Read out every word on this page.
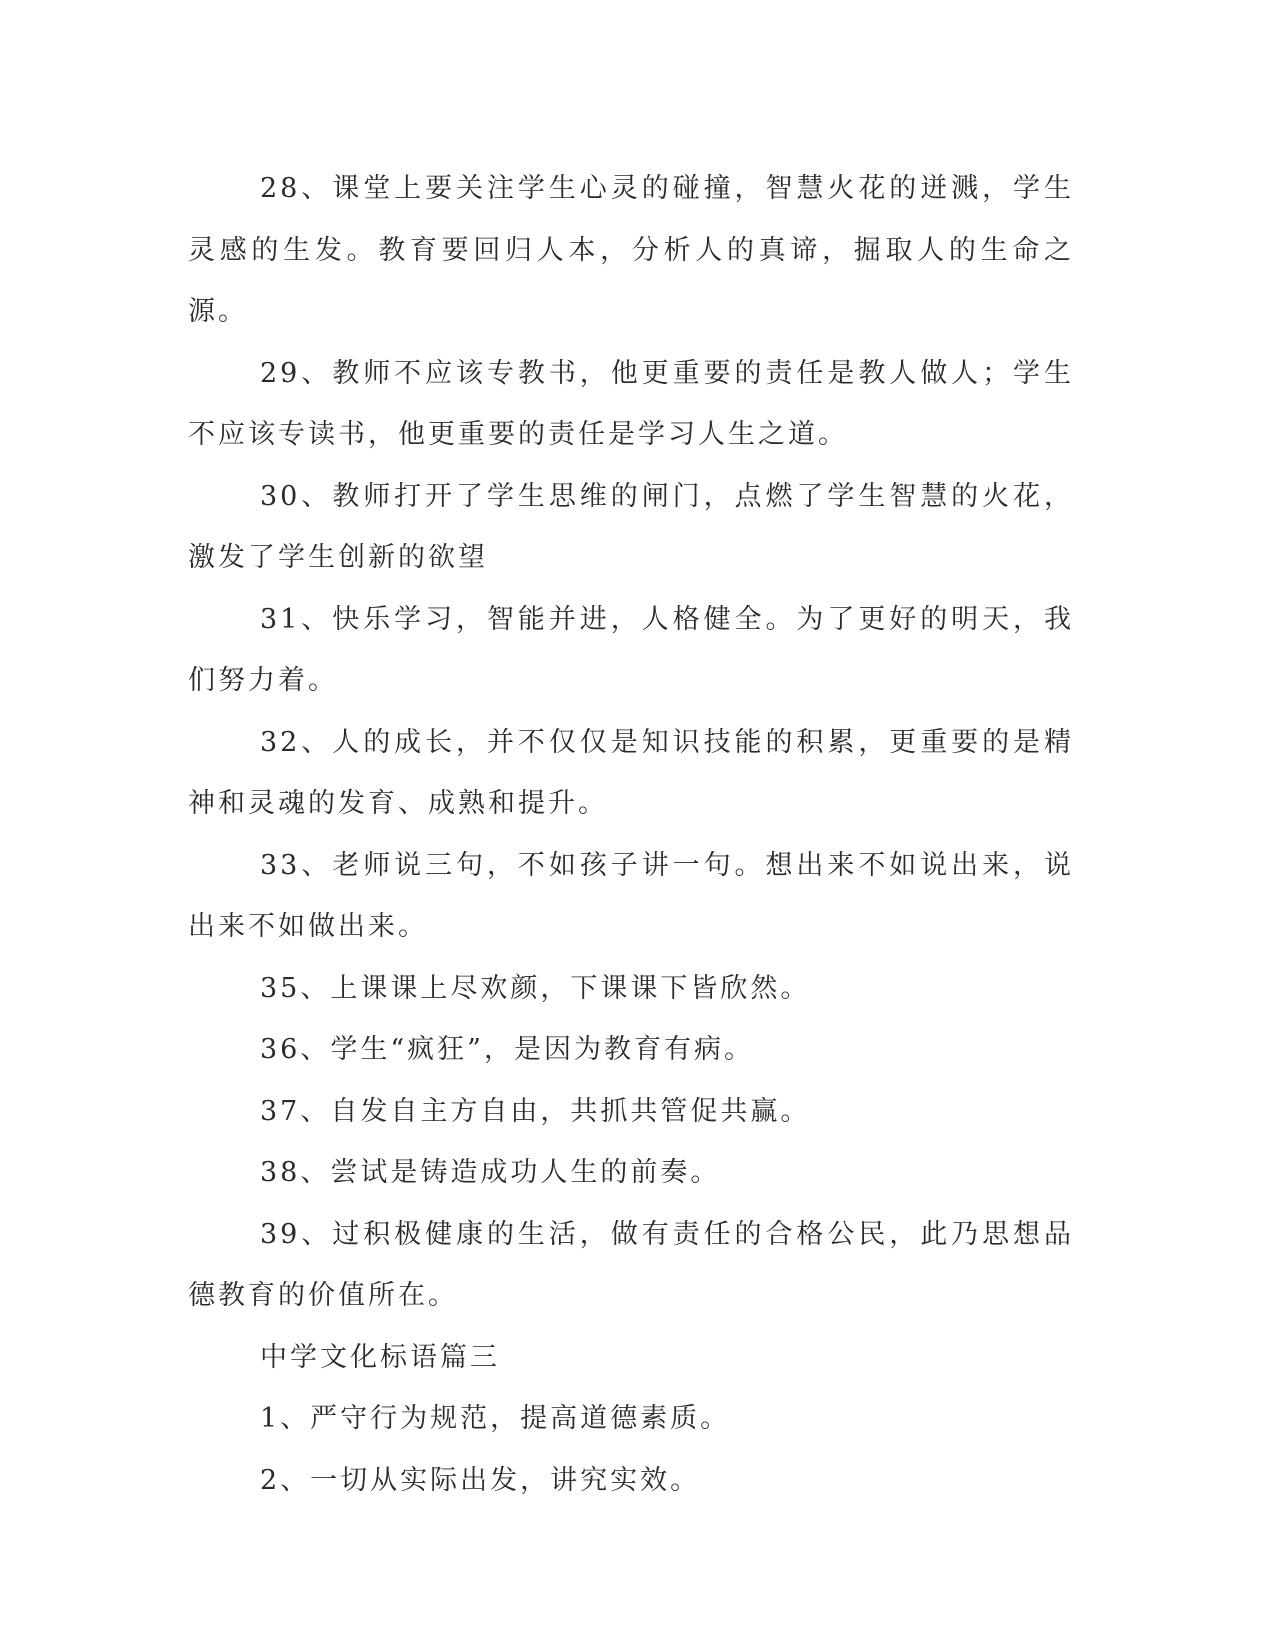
28、课堂上要关注学生心灵的碰撞，智慧火花的迸溅，学生灵感的生发。教育要回归人本，分析人的真谛，掘取人的生命之源。

29、教师不应该专教书，他更重要的责任是教人做人；学生不应该专读书，他更重要的责任是学习人生之道。

30、教师打开了学生思维的闸门，点燃了学生智慧的火花，激发了学生创新的欲望

31、快乐学习，智能并进，人格健全。为了更好的明天，我们努力着。

32、人的成长，并不仅仅是知识技能的积累，更重要的是精神和灵魂的发育、成熟和提升。

33、老师说三句，不如孩子讲一句。想出来不如说出来，说出来不如做出来。

35、上课课上尽欢颜，下课课下皆欣然。

36、学生“疯狂”，是因为教育有病。

37、自发自主方自由，共抓共管促共赢。

38、尝试是铸造成功人生的前奏。

39、过积极健康的生活，做有责任的合格公民，此乃思想品德教育的价值所在。

中学文化标语篇三

1、严守行为规范，提高道德素质。

2、一切从实际出发，讲究实效。
